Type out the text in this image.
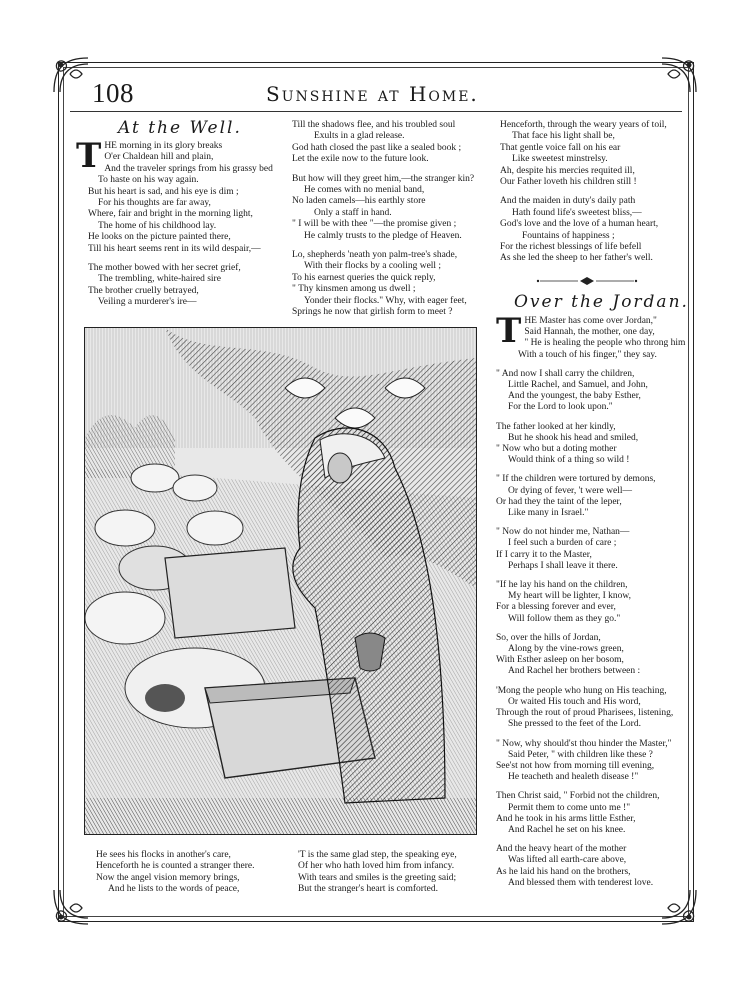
108	Sunshine at Home.
At the Well.
T HE morning in its glory breaks
O'er Chaldean hill and plain,
And the traveler springs from his grassy bed
To haste on his way again.
But his heart is sad, and his eye is dim ;
For his thoughts are far away,
Where, fair and bright in the morning light,
The home of his childhood lay.
He looks on the picture painted there,
Till his heart seems rent in its wild despair,—
The mother bowed with her secret grief,
The trembling, white-haired sire
The brother cruelly betrayed,
Veiling a murderer's ire—
Till the shadows flee, and his troubled soul
Exults in a glad release.
God hath closed the past like a sealed book ;
Let the exile now to the future look.
But how will they greet him,—the stranger kin?
He comes with no menial band,
No laden camels—his earthly store
Only a staff in hand.
" I will be with thee "—the promise given ;
He calmly trusts to the pledge of Heaven.
Lo, shepherds 'neath yon palm-tree's shade,
With their flocks by a cooling well ;
To his earnest queries the quick reply,
" Thy kinsmen among us dwell ;
Yonder their flocks." Why, with eager feet,
Springs he now that girlish form to meet ?
Henceforth, through the weary years of toil,
That face his light shall be,
That gentle voice fall on his ear
Like sweetest minstrelsy.
Ah, despite his mercies requited ill,
Our Father loveth his children still !
And the maiden in duty's daily path
Hath found life's sweetest bliss,—
God's love and the love of a human heart,
Fountains of happiness ;
For the richest blessings of life befell
As she led the sheep to her father's well.
Over the Jordan.
T HE Master has come over Jordan,"
Said Hannah, the mother, one day,
" He is healing the people who throng him
With a touch of his finger," they say.
" And now I shall carry the children,
Little Rachel, and Samuel, and John,
And the youngest, the baby Esther,
For the Lord to look upon."
The father looked at her kindly,
But he shook his head and smiled,
" Now who but a doting mother
Would think of a thing so wild !
" If the children were tortured by demons,
Or dying of fever, 't were well—
Or had they the taint of the leper,
Like many in Israel."
" Now do not hinder me, Nathan—
I feel such a burden of care ;
If I carry it to the Master,
Perhaps I shall leave it there.
"If he lay his hand on the children,
My heart will be lighter, I know,
For a blessing forever and ever,
Will follow them as they go."
So, over the hills of Jordan,
Along by the vine-rows green,
With Esther asleep on her bosom,
And Rachel her brothers between :
'Mong the people who hung on His teaching,
Or waited His touch and His word,
Through the rout of proud Pharisees, listening,
She pressed to the feet of the Lord.
" Now, why should'st thou hinder the Master,"
Said Peter, " with children like these ?
See'st not how from morning till evening,
He teacheth and healeth disease !"
Then Christ said, " Forbid not the children,
Permit them to come unto me !"
And he took in his arms little Esther,
And Rachel he set on his knee.
And the heavy heart of the mother
Was lifted all earth-care above,
As he laid his hand on the brothers,
And blessed them with tenderest love.
He sees his flocks in another's care,
Henceforth he is counted a stranger there.
Now the angel vision memory brings,
And he lists to the words of peace,
'T is the same glad step, the speaking eye,
Of her who hath loved him from infancy.
With tears and smiles is the greeting said;
But the stranger's heart is comforted.
